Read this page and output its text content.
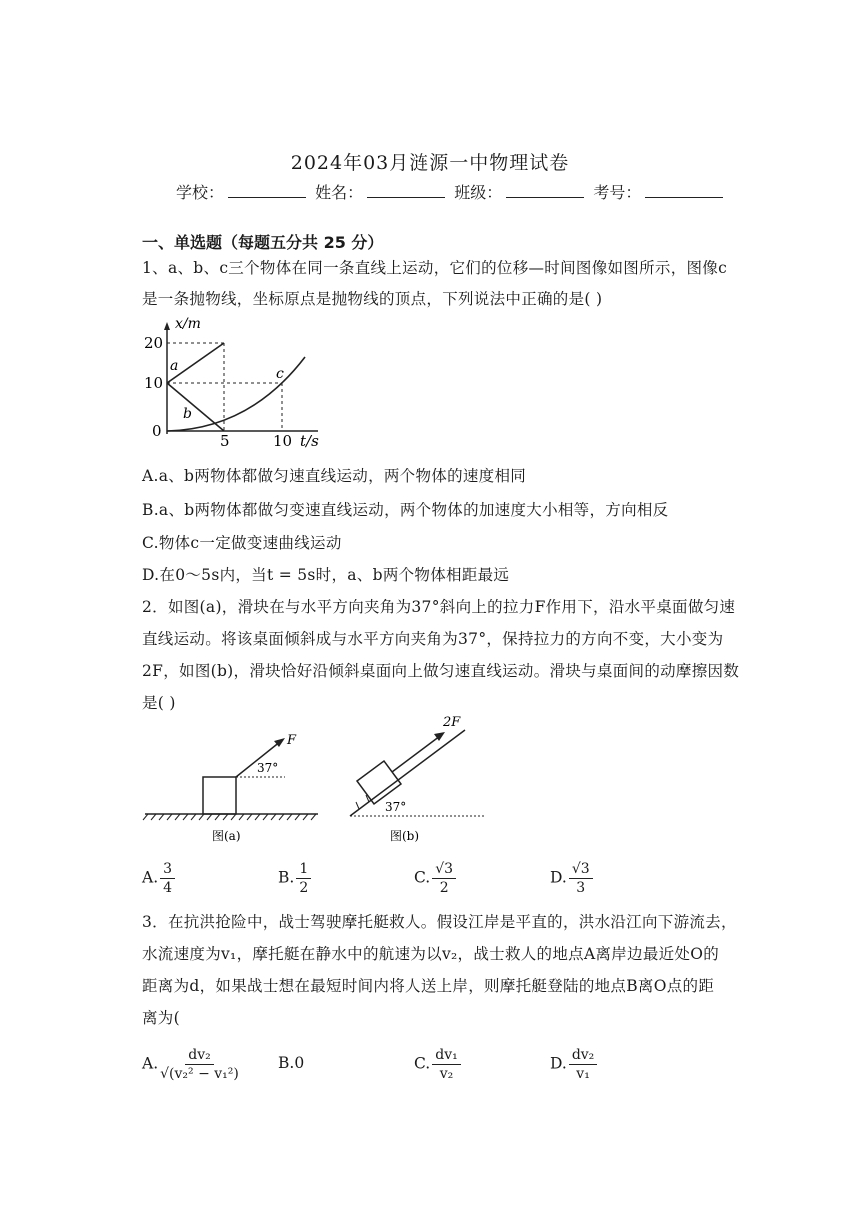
2024年03月涟源一中物理试卷
学校：	姓名：	班级：	考号：
一、单选题（每题五分共 25 分）
1、a、b、c三个物体在同一条直线上运动，它们的位移—时间图像如图所示，图像c
是一条抛物线，坐标原点是抛物线的顶点，下列说法中正确的是( )
x/m
20
10
0
5	10 t/s
a
b
c
A.a、b两物体都做匀速直线运动，两个物体的速度相同
B.a、b两物体都做匀变速直线运动，两个物体的加速度大小相等，方向相反
C.物体c一定做变速曲线运动
D.在0～5s内，当t = 5s时，a、b两个物体相距最远
2．如图(a)，滑块在与水平方向夹角为37°斜向上的拉力F作用下，沿水平桌面做匀速
直线运动。将该桌面倾斜成与水平方向夹角为37°，保持拉力的方向不变，大小变为
2F，如图(b)，滑块恰好沿倾斜桌面向上做匀速直线运动。滑块与桌面间的动摩擦因数
是( )
F
37°
图(a)
2F
37°
图(b)
A. $\frac{3}{4}$	B. $\frac{1}{2}$	C. $\frac{√3}{2}$	D. $\frac{√3}{3}$
3．在抗洪抢险中，战士驾驶摩托艇救人。假设江岸是平直的，洪水沿江向下游流去，
水流速度为v₁，摩托艇在静水中的航速为以v₂，战士救人的地点A离岸边最近处O的
距离为d，如果战士想在最短时间内将人送上岸，则摩托艇登陆的地点B离O点的距
离为(
A. $\frac{\text{dv₂}}{\text{√(v₂² − v₁²)}}$	B.0	C. $\frac{\text{dv₁}}{\text{v₂}}$	D. $\frac{\text{dv₂}}{\text{v₁}}$
